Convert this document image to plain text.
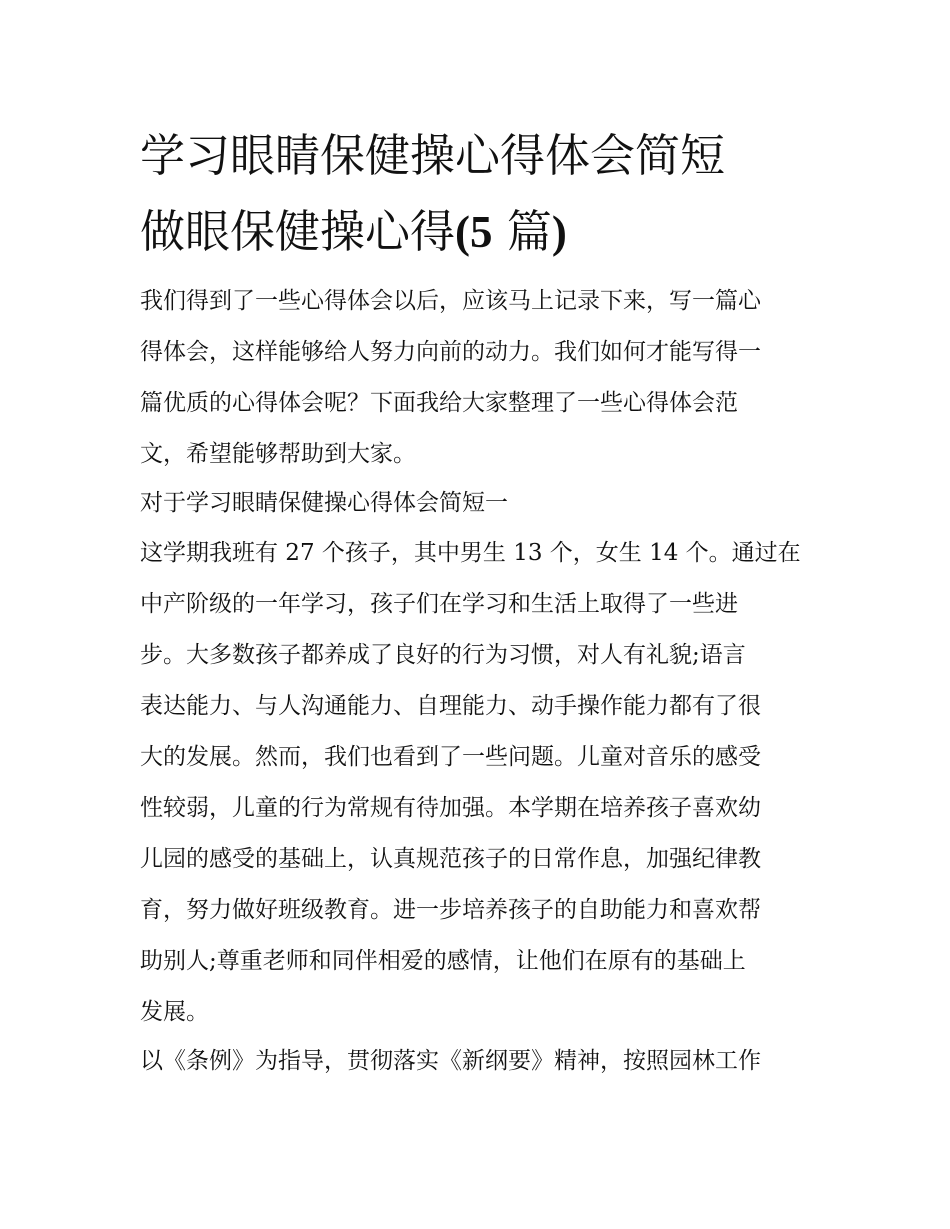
学习眼睛保健操心得体会简短
做眼保健操心得(5 篇)
我们得到了一些心得体会以后，应该马上记录下来，写一篇心
得体会，这样能够给人努力向前的动力。我们如何才能写得一
篇优质的心得体会呢？下面我给大家整理了一些心得体会范
文，希望能够帮助到大家。
对于学习眼睛保健操心得体会简短一
这学期我班有 27 个孩子，其中男生 13 个，女生 14 个。通过在
中产阶级的一年学习，孩子们在学习和生活上取得了一些进
步。大多数孩子都养成了良好的行为习惯，对人有礼貌;语言
表达能力、与人沟通能力、自理能力、动手操作能力都有了很
大的发展。然而，我们也看到了一些问题。儿童对音乐的感受
性较弱，儿童的行为常规有待加强。本学期在培养孩子喜欢幼
儿园的感受的基础上，认真规范孩子的日常作息，加强纪律教
育，努力做好班级教育。进一步培养孩子的自助能力和喜欢帮
助别人;尊重老师和同伴相爱的感情，让他们在原有的基础上
发展。
以《条例》为指导，贯彻落实《新纲要》精神，按照园林工作
